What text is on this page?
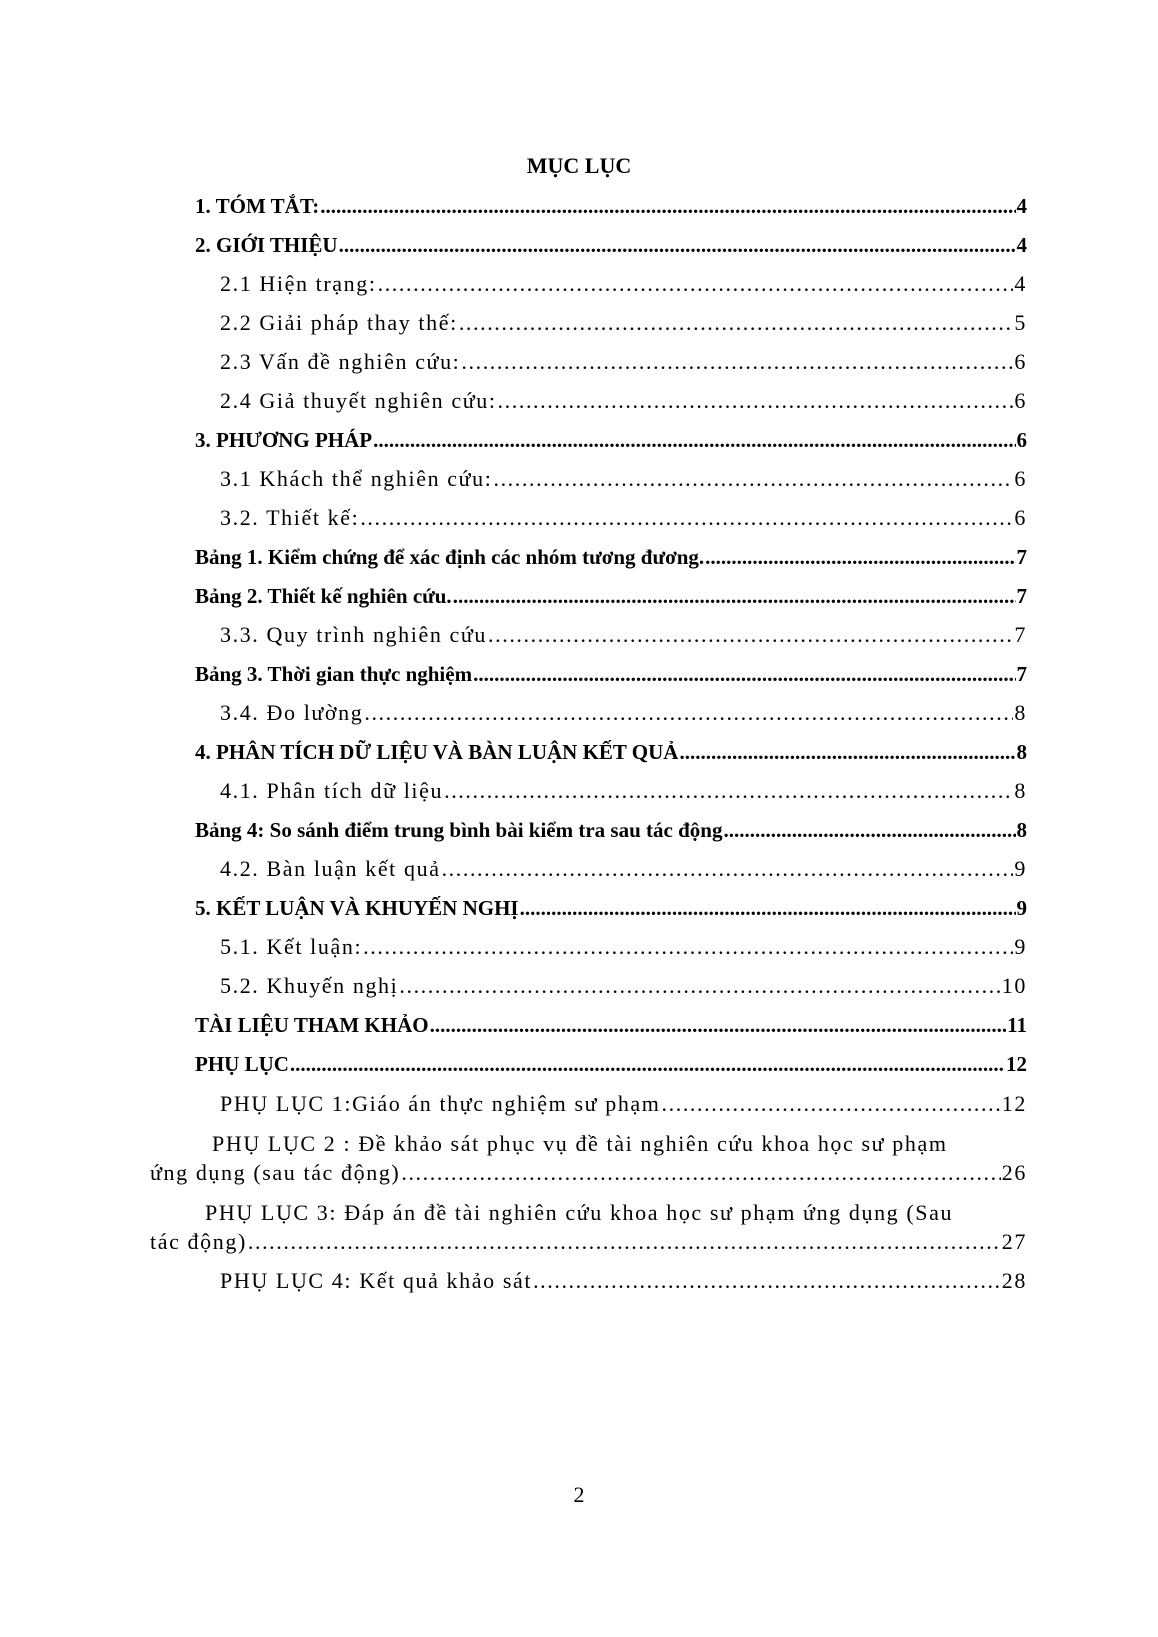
MỤC LỤC
1. TÓM TẮT: .....	4
2. GIỚI THIỆU .....	4
2.1 Hiện trạng: .....	4
2.2 Giải pháp thay thế: .....	5
2.3 Vấn đề nghiên cứu: .....	6
2.4 Giả thuyết nghiên cứu: .....	6
3. PHƯƠNG PHÁP .....	6
3.1 Khách thể nghiên cứu: .....	6
3.2. Thiết kế: .....	6
Bảng 1. Kiểm chứng để xác định các nhóm tương đương. .....	7
Bảng 2. Thiết kế nghiên cứu. .....	7
3.3. Quy trình nghiên cứu .....	7
Bảng 3. Thời gian thực nghiệm .....	7
3.4. Đo lường .....	8
4. PHÂN TÍCH DỮ LIỆU VÀ BÀN LUẬN KẾT QUẢ .....	8
4.1. Phân tích dữ liệu .....	8
Bảng 4: So sánh điểm trung bình bài kiểm tra sau tác động .....	8
4.2. Bàn luận kết quả .....	9
5. KẾT LUẬN VÀ KHUYẾN NGHỊ .....	9
5.1. Kết luận: .....	9
5.2. Khuyến nghị .....	10
TÀI LIỆU THAM KHẢO .....	11
PHỤ LỤC .....	12
PHỤ LỤC 1:Giáo án thực nghiệm sư phạm .....	12
PHỤ LỤC 2 : Đề khảo sát phục vụ đề tài nghiên cứu khoa học sư phạm
ứng dụng (sau tác động) .....	26
PHỤ LỤC 3: Đáp án đề tài nghiên cứu khoa học sư phạm ứng dụng (Sau
tác động) .....	27
PHỤ LỤC 4: Kết quả khảo sát .....	28
2
